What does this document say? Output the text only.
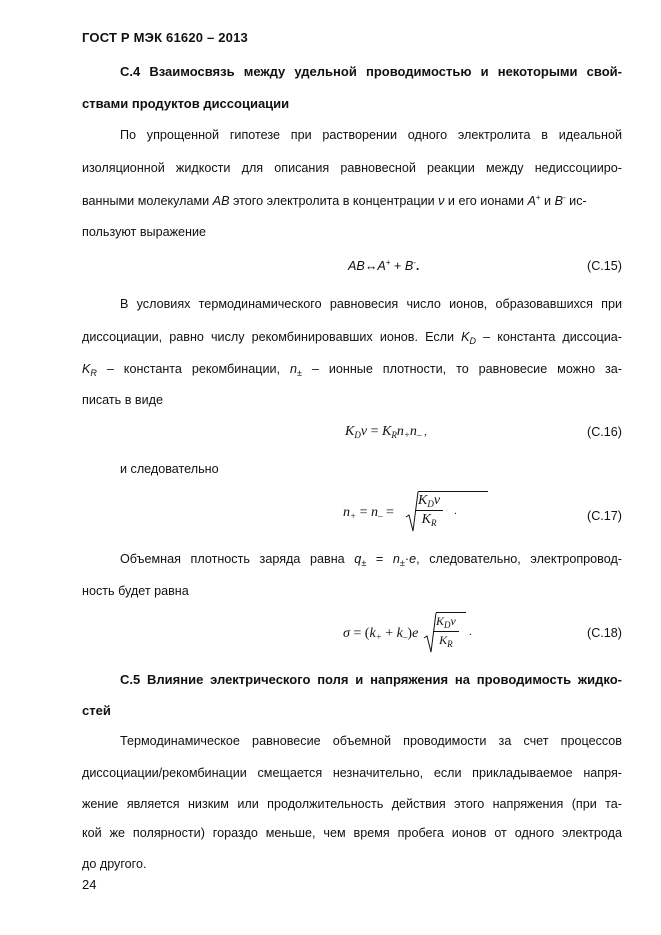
ГОСТ Р МЭК 61620 – 2013
С.4 Взаимосвязь между удельной проводимостью и некоторыми свой-
ствами продуктов диссоциации
По упрощенной гипотезе при растворении одного электролита в идеальной
изоляционной жидкости для описания равновесной реакции между недиссоцииро-
ванными молекулами AB этого электролита в концентрации ν и его ионами A+ и B- ис-
пользуют выражение
AB↔A+ + B-.	(С.15)
В условиях термодинамического равновесия число ионов, образовавшихся при
диссоциации, равно числу рекомбинировавших ионов. Если $K_D$ – константа диссоциа-
$K_R$ – константа рекомбинации, $n_\pm$ – ионные плотности, то равновесие можно за-
писать в виде
$K_D\nu = K_Rn_+n_-$ ,	(С.16)
и следовательно
$n_+ = n_-$ =
$K_D\nu$
$K_R$
.	(С.17)
Объемная плотность заряда равна $q_\pm = n_\pm\cdot e$, следовательно, электропровод-
ность будет равна
$\sigma = (k_+ + k_-)e$
$K_D\nu$
$K_R$
.	(С.18)
С.5 Влияние электрического поля и напряжения на проводимость жидко-
стей
Термодинамическое равновесие объемной проводимости за счет процессов
диссоциации/рекомбинации смещается незначительно, если прикладываемое напря-
жение является низким или продолжительность действия этого напряжения (при та-
кой же полярности) гораздо меньше, чем время пробега ионов от одного электрода
до другого.
24
